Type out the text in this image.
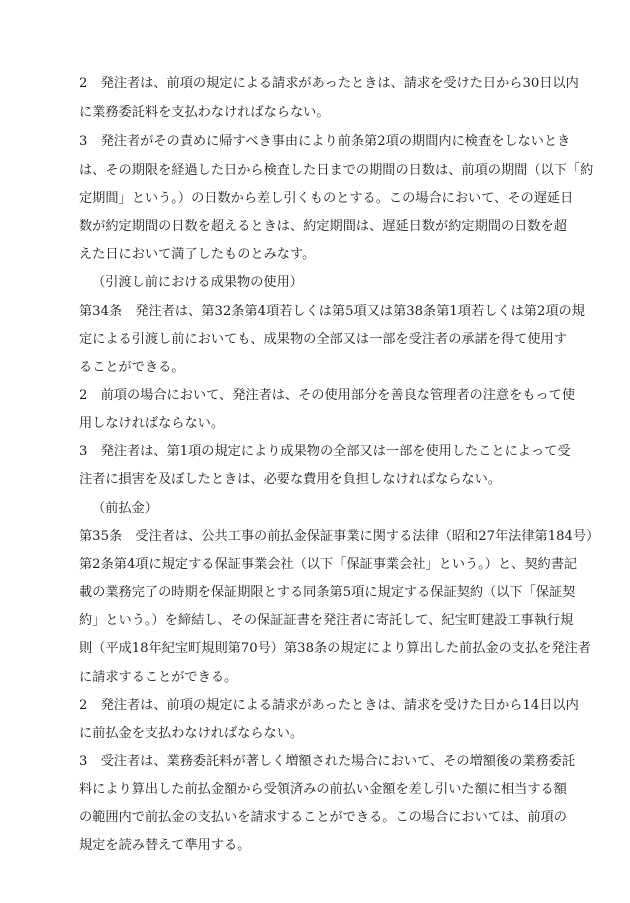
2　発注者は、前項の規定による請求があったときは、請求を受けた日から30日以内
に業務委託料を支払わなければならない。
3　発注者がその責めに帰すべき事由により前条第2項の期間内に検査をしないとき
は、その期限を経過した日から検査した日までの期間の日数は、前項の期間（以下「約
定期間」という。）の日数から差し引くものとする。この場合において、その遅延日
数が約定期間の日数を超えるときは、約定期間は、遅延日数が約定期間の日数を超
えた日において満了したものとみなす。
（引渡し前における成果物の使用）
第34条　発注者は、第32条第4項若しくは第5項又は第38条第1項若しくは第2項の規
定による引渡し前においても、成果物の全部又は一部を受注者の承諾を得て使用す
ることができる。
2　前項の場合において、発注者は、その使用部分を善良な管理者の注意をもって使
用しなければならない。
3　発注者は、第1項の規定により成果物の全部又は一部を使用したことによって受
注者に損害を及ぼしたときは、必要な費用を負担しなければならない。
（前払金）
第35条　受注者は、公共工事の前払金保証事業に関する法律（昭和27年法律第184号）
第2条第4項に規定する保証事業会社（以下「保証事業会社」という。）と、契約書記
載の業務完了の時期を保証期限とする同条第5項に規定する保証契約（以下「保証契
約」という。）を締結し、その保証証書を発注者に寄託して、紀宝町建設工事執行規
則（平成18年紀宝町規則第70号）第38条の規定により算出した前払金の支払を発注者
に請求することができる。
2　発注者は、前項の規定による請求があったときは、請求を受けた日から14日以内
に前払金を支払わなければならない。
3　受注者は、業務委託料が著しく増額された場合において、その増額後の業務委託
料により算出した前払金額から受領済みの前払い金額を差し引いた額に相当する額
の範囲内で前払金の支払いを請求することができる。この場合においては、前項の
規定を読み替えて準用する。
